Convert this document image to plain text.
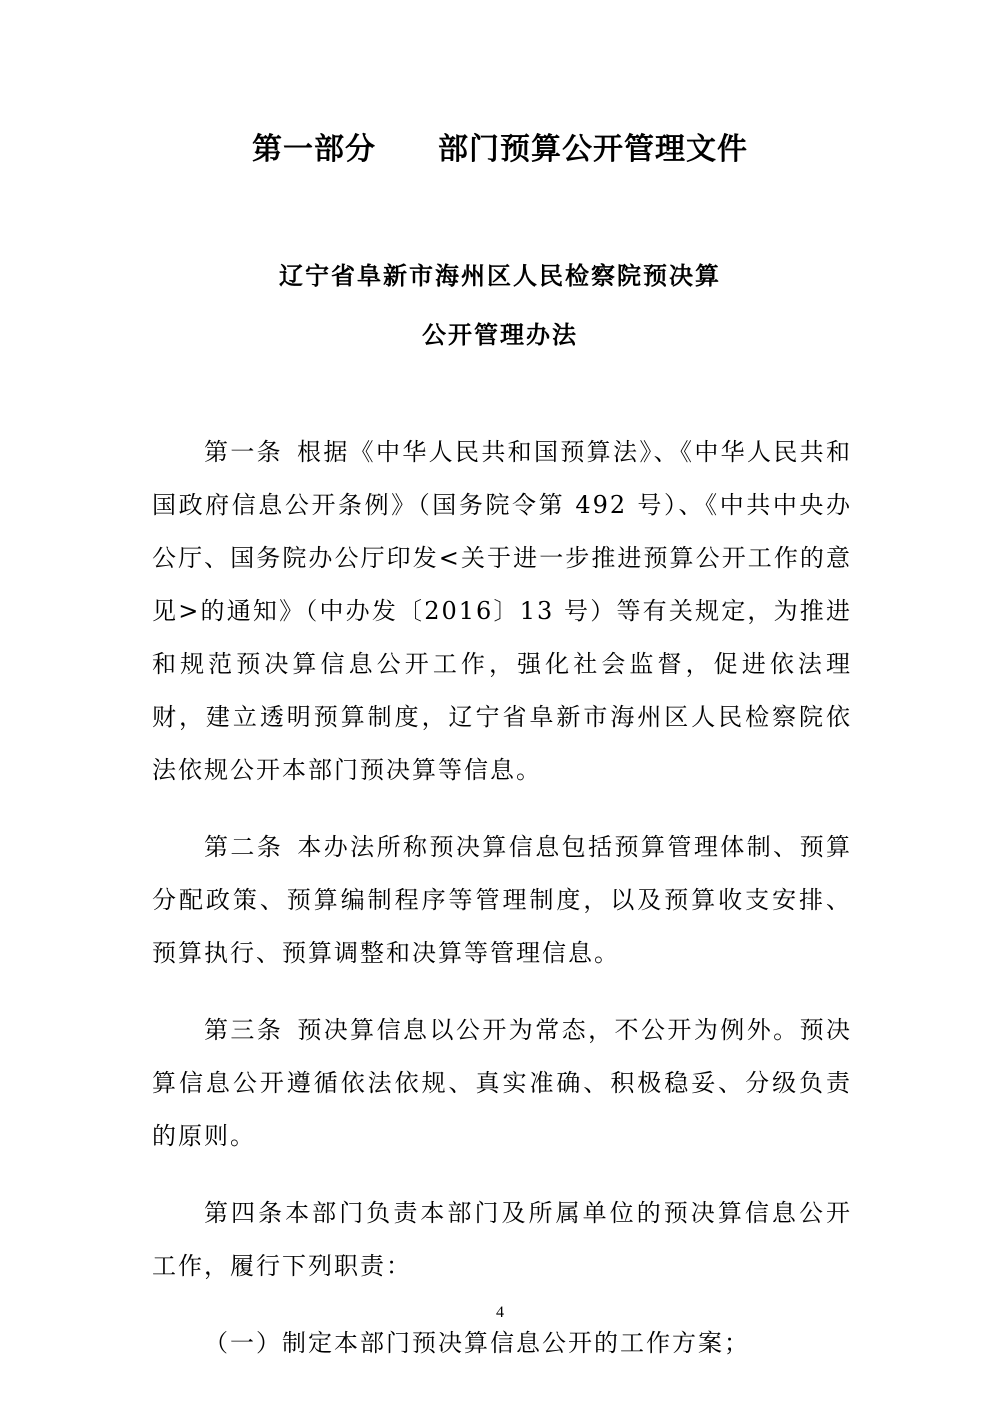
第一部分 部门预算公开管理文件
辽宁省阜新市海州区人民检察院预决算
公开管理办法

第一条 根据《中华人民共和国预算法》、《中华人民共和国政府信息公开条例》（国务院令第 492 号）、《中共中央办公厅、国务院办公厅印发<关于进一步推进预算公开工作的意见>的通知》（中办发〔2016〕13 号）等有关规定，为推进和规范预决算信息公开工作，强化社会监督，促进依法理财，建立透明预算制度，辽宁省阜新市海州区人民检察院依法依规公开本部门预决算等信息。

第二条 本办法所称预决算信息包括预算管理体制、预算分配政策、预算编制程序等管理制度，以及预算收支安排、预算执行、预算调整和决算等管理信息。

第三条 预决算信息以公开为常态，不公开为例外。预决算信息公开遵循依法依规、真实准确、积极稳妥、分级负责的原则。

第四条本部门负责本部门及所属单位的预决算信息公开工作，履行下列职责：

（一）制定本部门预决算信息公开的工作方案；

4
